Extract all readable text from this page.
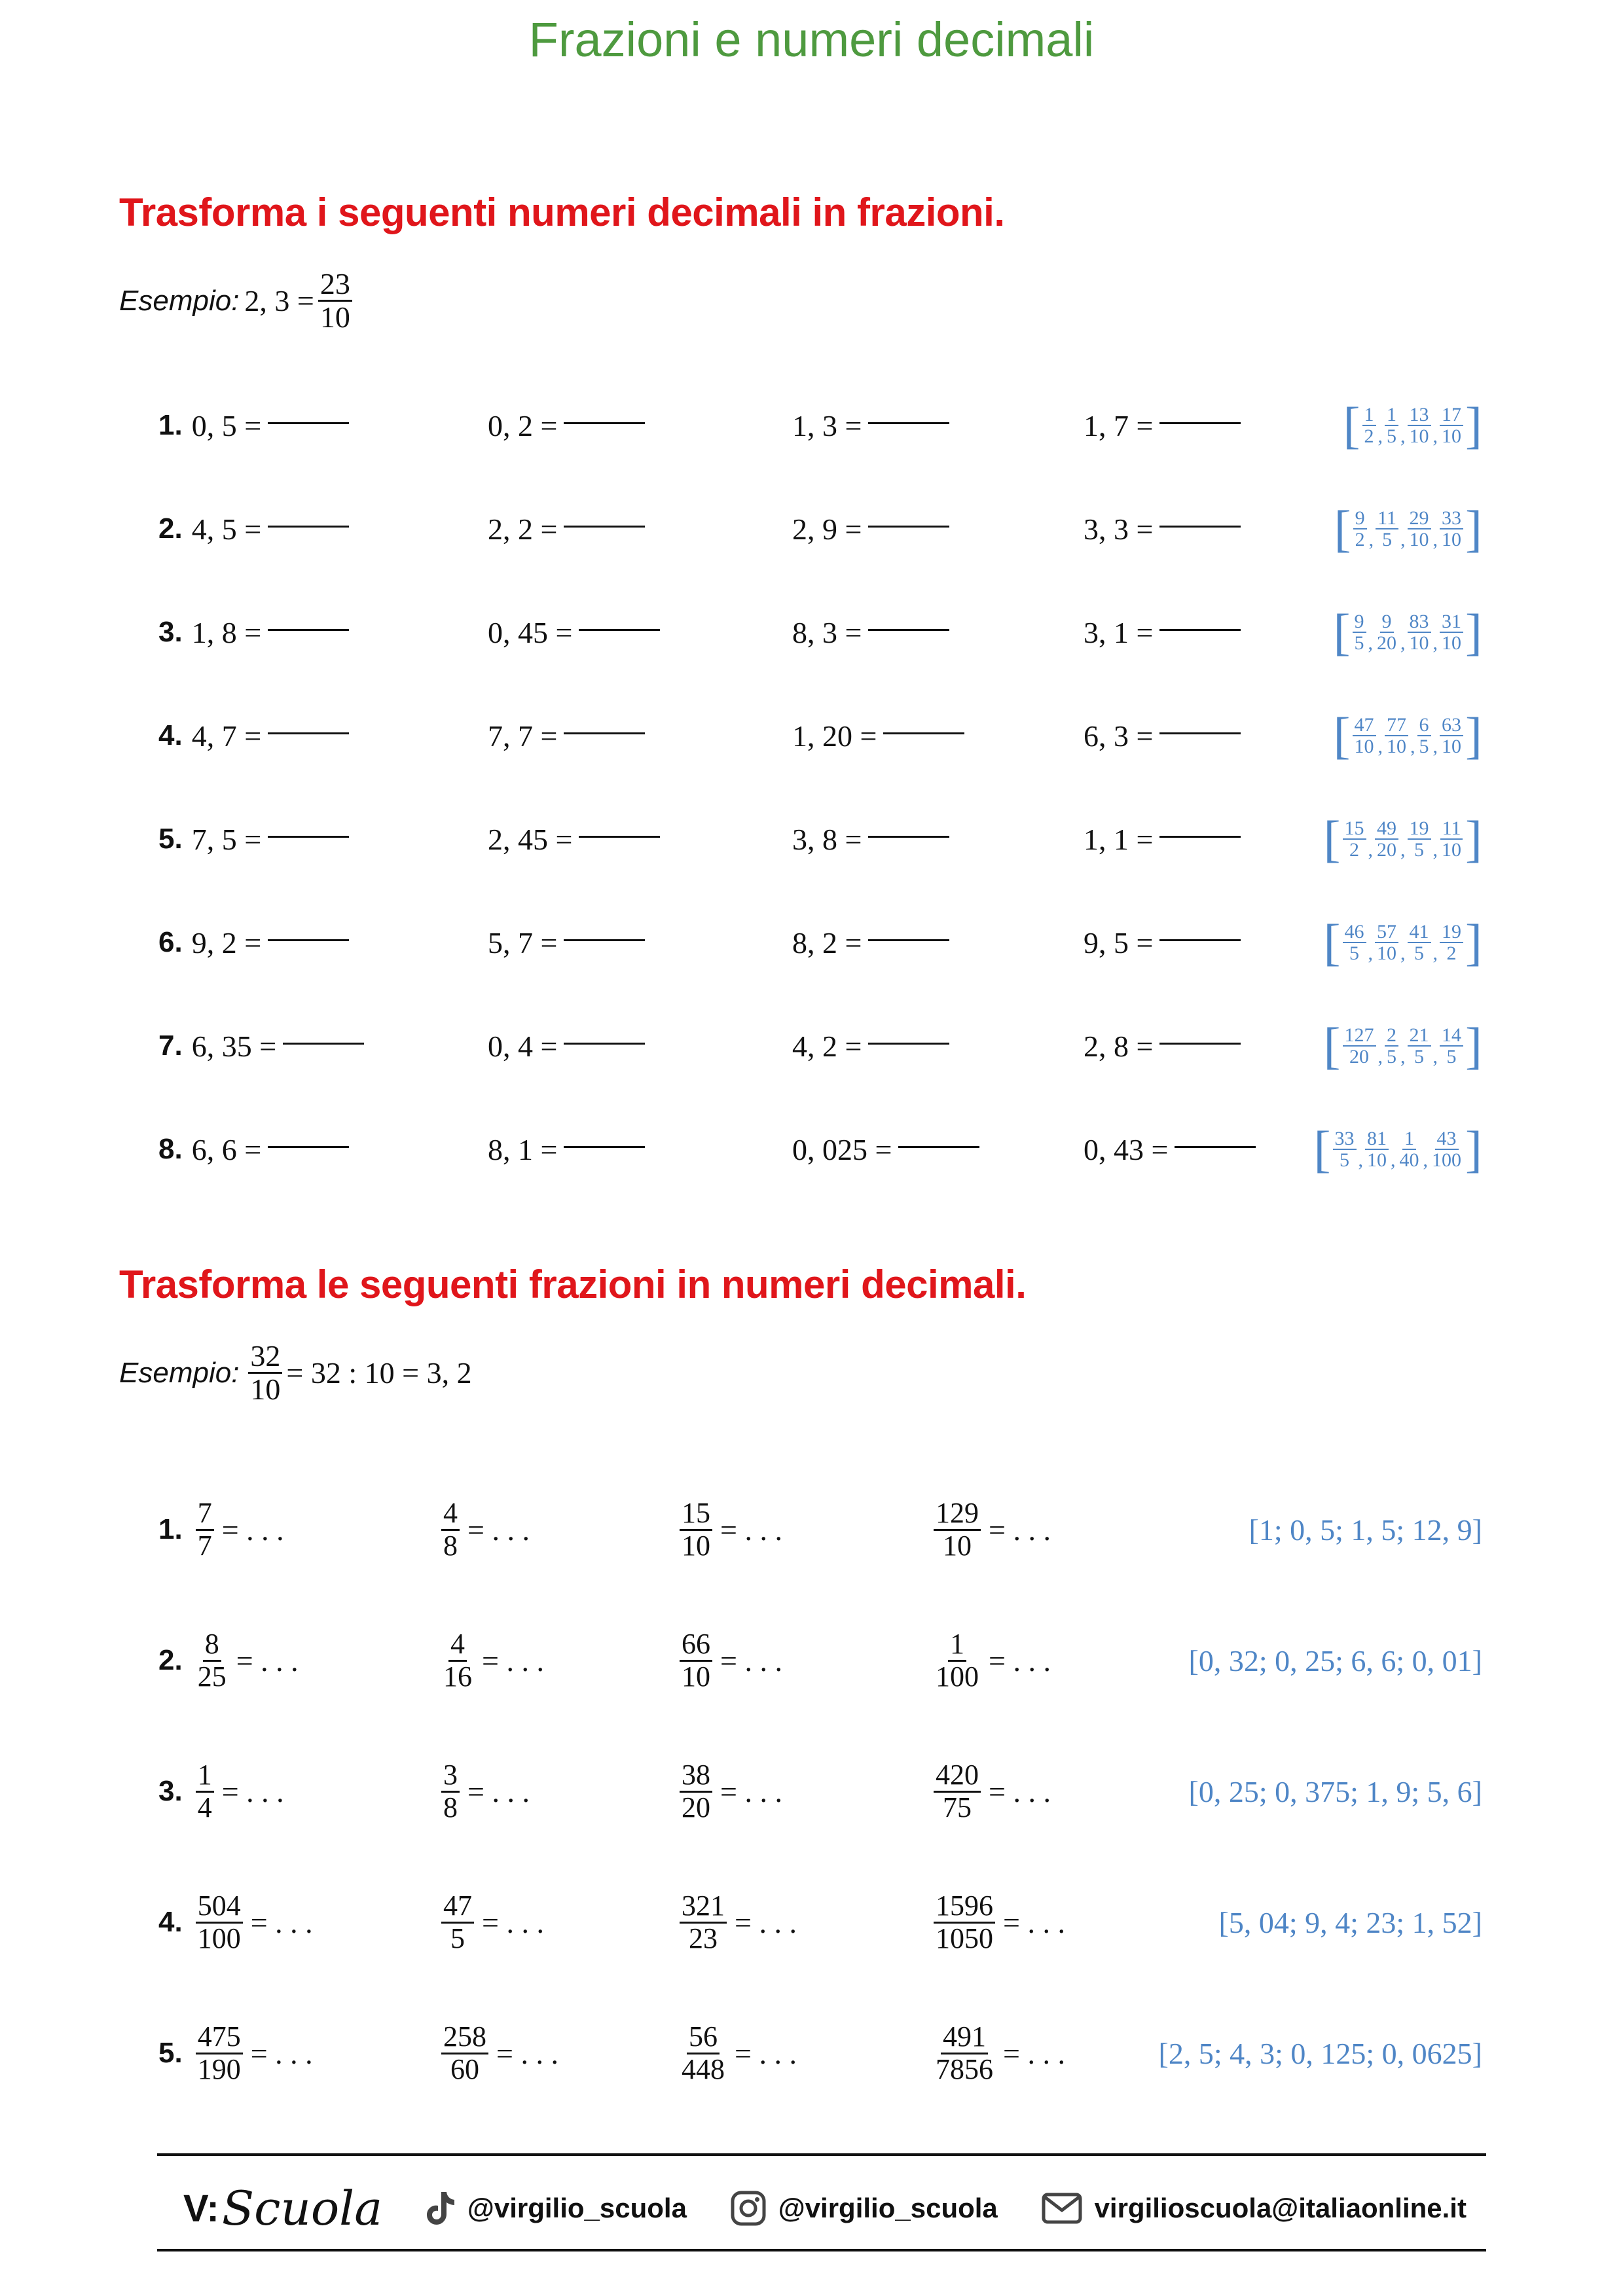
Frazioni e numeri decimali
Trasforma i seguenti numeri decimali in frazioni.
Esempio: 2, $3 = \frac{23}{10}$
1. 0, 5 =	0, 2 =	1, 3 =	1, 7 =	[ $\frac{1}{2}$ , $\frac{1}{5}$ , $\frac{13}{10}$ , $\frac{17}{10}$ ]
2. 4, 5 =	2, 2 =	2, 9 =	3, 3 =	[ $\frac{9}{2}$ , $\frac{11}{5}$ , $\frac{29}{10}$ , $\frac{33}{10}$ ]
3. 1, 8 =	0, 45 =	8, 3 =	3, 1 =	[ $\frac{9}{5}$ , $\frac{9}{20}$ , $\frac{83}{10}$ , $\frac{31}{10}$ ]
4. 4, 7 =	7, 7 =	1, 20 =	6, 3 =	[ $\frac{47}{10}$ , $\frac{77}{10}$ , $\frac{6}{5}$ , $\frac{63}{10}$ ]
5. 7, 5 =	2, 45 =	3, 8 =	1, 1 =	[ $\frac{15}{2}$ , $\frac{49}{20}$ , $\frac{19}{5}$ , $\frac{11}{10}$ ]
6. 9, 2 =	5, 7 =	8, 2 =	9, 5 =	[ $\frac{46}{5}$ , $\frac{57}{10}$ , $\frac{41}{5}$ , $\frac{19}{2}$ ]
7. 6, 35 =	0, 4 =	4, 2 =	2, 8 =	[ $\frac{127}{20}$ , $\frac{2}{5}$ , $\frac{21}{5}$ , $\frac{14}{5}$ ]
8. 6, 6 =	8, 1 =	0, 025 =	0, 43 =	[ $\frac{33}{5}$ , $\frac{81}{10}$ , $\frac{1}{40}$ , $\frac{43}{100}$ ]
Trasforma le seguenti frazioni in numeri decimali.
Esempio: $\frac{32}{10} = 32$ : 10 = 3, 2
1. $\frac{7}{7}$ = . . .	$\frac{4}{8}$ = . . .	$\frac{15}{10}$ = . . .	$\frac{129}{10}$ = . . .	[1; 0, 5; 1, 5; 12, 9]
2. $\frac{8}{25}$ = . . .	$\frac{4}{16}$ = . . .	$\frac{66}{10}$ = . . .	$\frac{1}{100}$ = . . .	[0, 32; 0, 25; 6, 6; 0, 01]
3. $\frac{1}{4}$ = . . .	$\frac{3}{8}$ = . . .	$\frac{38}{20}$ = . . .	$\frac{420}{75}$ = . . .	[0, 25; 0, 375; 1, 9; 5, 6]
4. $\frac{504}{100}$ = . . .	$\frac{47}{5}$ = . . .	$\frac{321}{23}$ = . . .	$\frac{1596}{1050}$ = . . .	[5, 04; 9, 4; 23; 1, 52]
5. $\frac{475}{190}$ = . . .	$\frac{258}{60}$ = . . .	$\frac{56}{448}$ = . . .	$\frac{491}{7856}$ = . . .	[2, 5; 4, 3; 0, 125; 0, 0625]
V: Scuola	@virgilio_scuola	@virgilio_scuola	virgilioscuola@italiaonline.it
